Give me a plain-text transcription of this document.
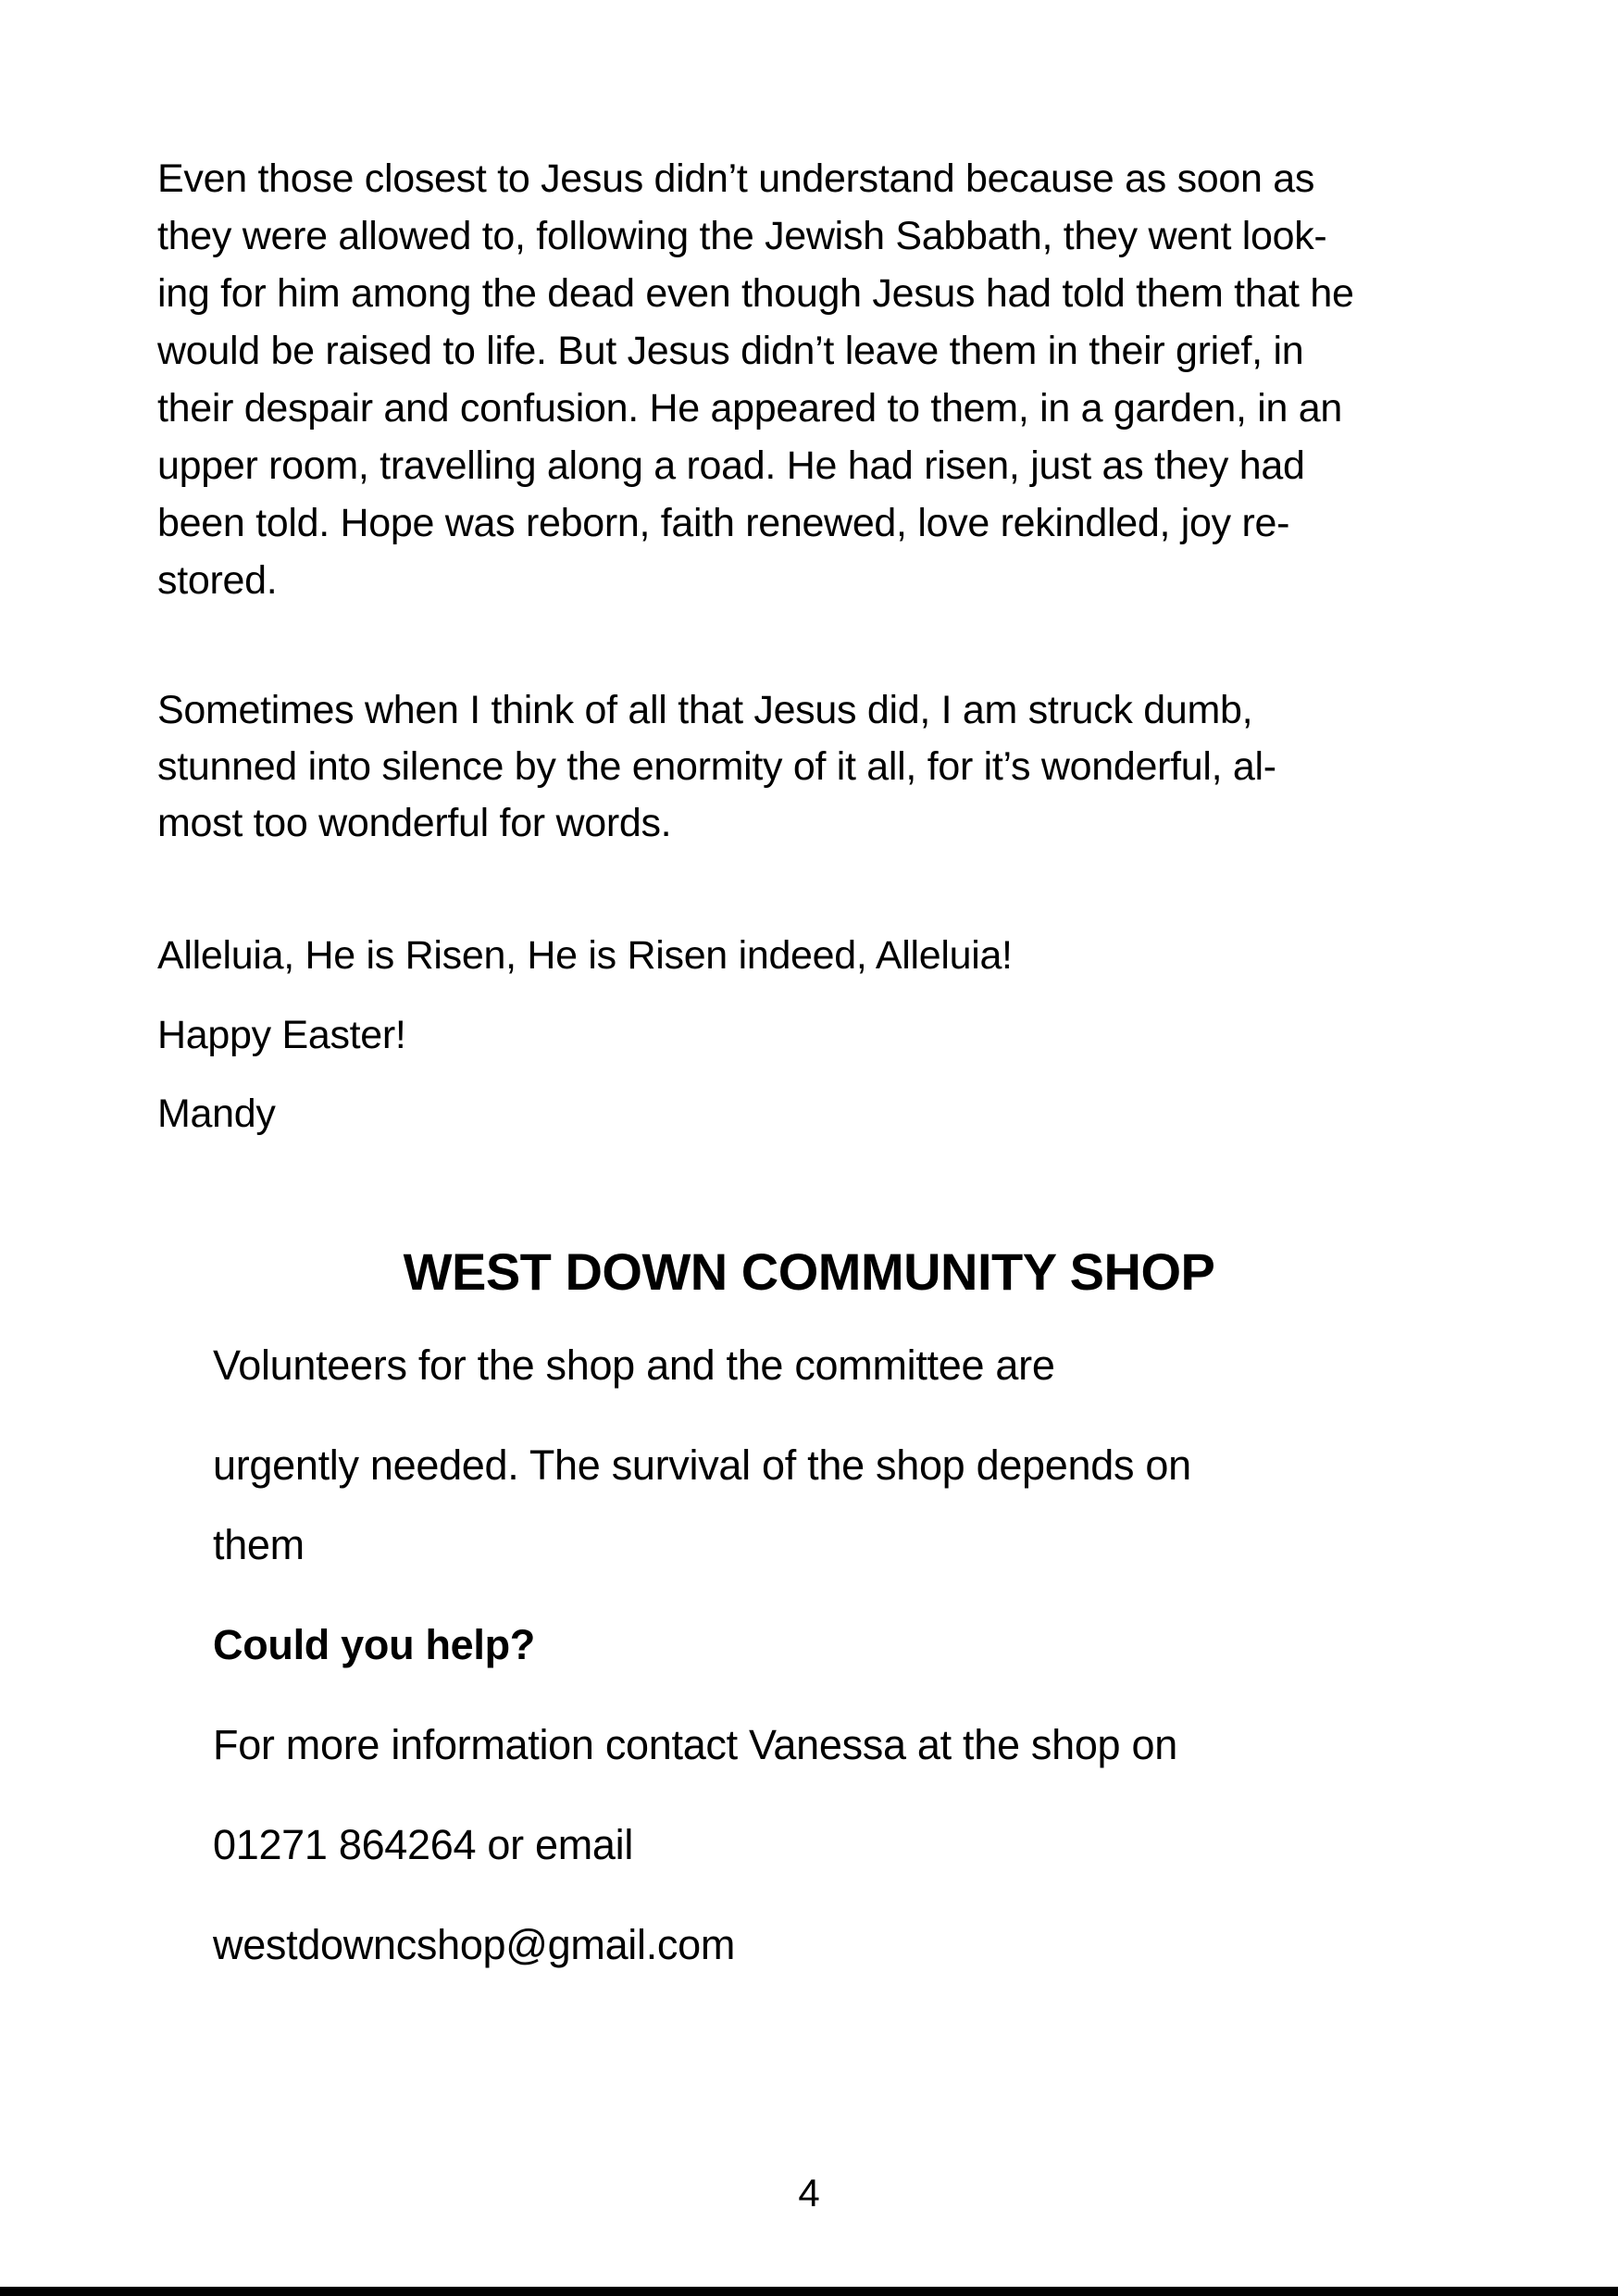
Even those closest to Jesus didn’t understand because as soon as
they were allowed to, following the Jewish Sabbath, they went look-
ing for him among the dead even though Jesus had told them that he
would be raised to life. But Jesus didn’t leave them in their grief, in
their despair and confusion. He appeared to them, in a garden, in an
upper room, travelling along a road. He had risen, just as they had
been told. Hope was reborn, faith renewed, love rekindled, joy re-
stored.
Sometimes when I think of all that Jesus did, I am struck dumb,
stunned into silence by the enormity of it all, for it’s wonderful, al-
most too wonderful for words.
Alleluia, He is Risen, He is Risen indeed, Alleluia!
Happy Easter!
Mandy
WEST DOWN COMMUNITY SHOP
Volunteers for the shop and the committee are
urgently needed. The survival of the shop depends on
them
Could you help?
For more information contact Vanessa at the shop on
01271 864264 or email
westdowncshop@gmail.com
4
